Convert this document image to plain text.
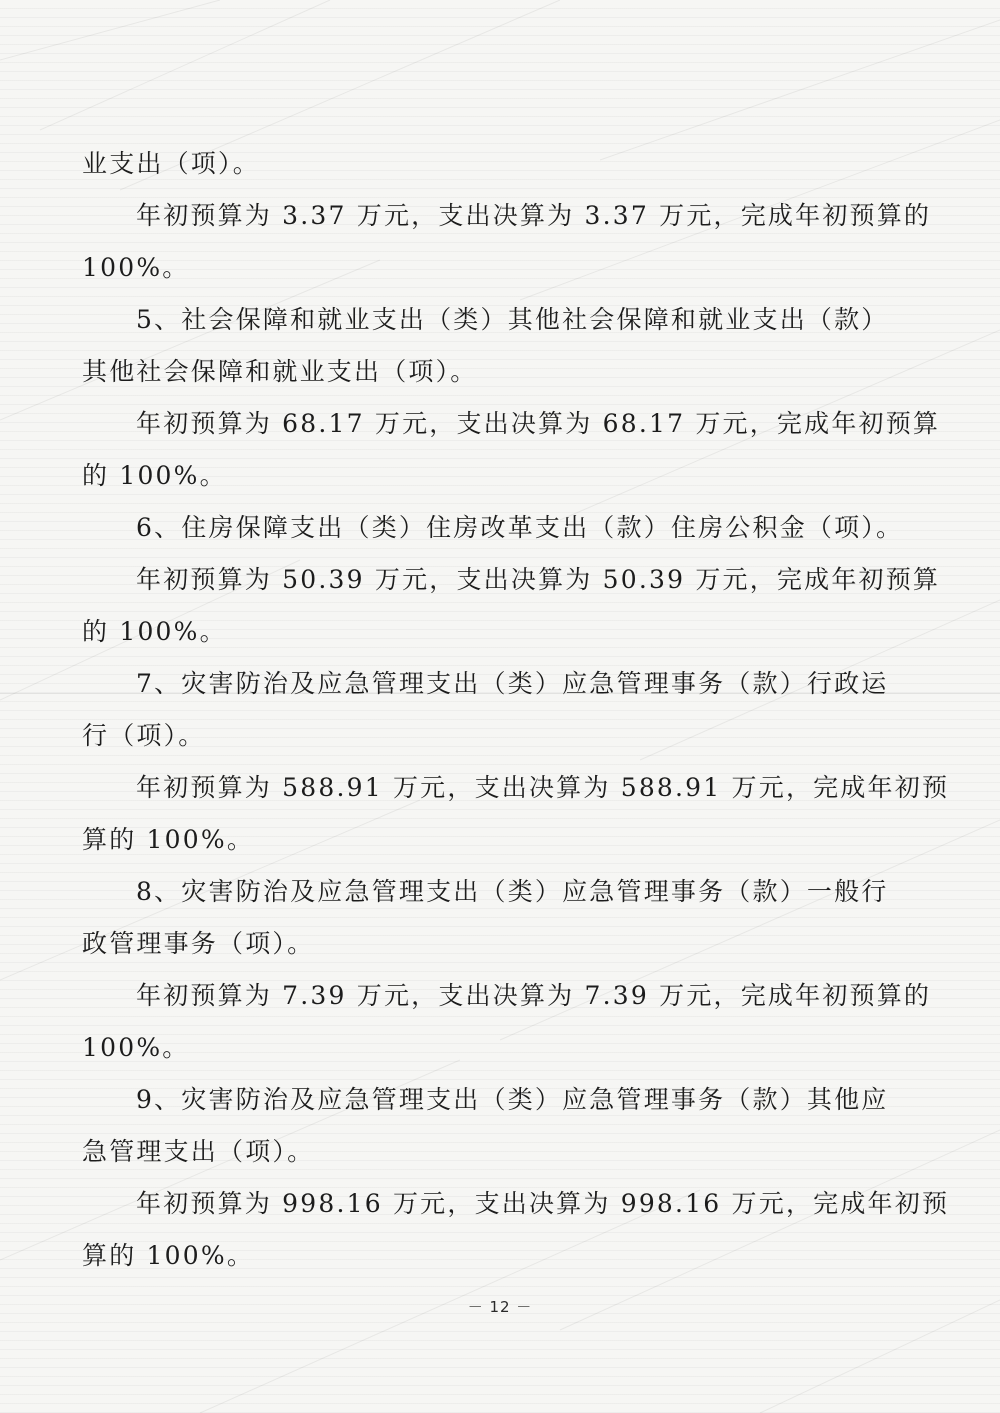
业支出（项）。
年初预算为 3.37 万元，支出决算为 3.37 万元，完成年初预算的
100%。
5、社会保障和就业支出（类）其他社会保障和就业支出（款）
其他社会保障和就业支出（项）。
年初预算为 68.17 万元，支出决算为 68.17 万元，完成年初预算
的 100%。
6、住房保障支出（类）住房改革支出（款）住房公积金（项）。
年初预算为 50.39 万元，支出决算为 50.39 万元，完成年初预算
的 100%。
7、灾害防治及应急管理支出（类）应急管理事务（款）行政运
行（项）。
年初预算为 588.91 万元，支出决算为 588.91 万元，完成年初预
算的 100%。
8、灾害防治及应急管理支出（类）应急管理事务（款）一般行
政管理事务（项）。
年初预算为 7.39 万元，支出决算为 7.39 万元，完成年初预算的
100%。
9、灾害防治及应急管理支出（类）应急管理事务（款）其他应
急管理支出（项）。
年初预算为 998.16 万元，支出决算为 998.16 万元，完成年初预
算的 100%。
－ 12 －
